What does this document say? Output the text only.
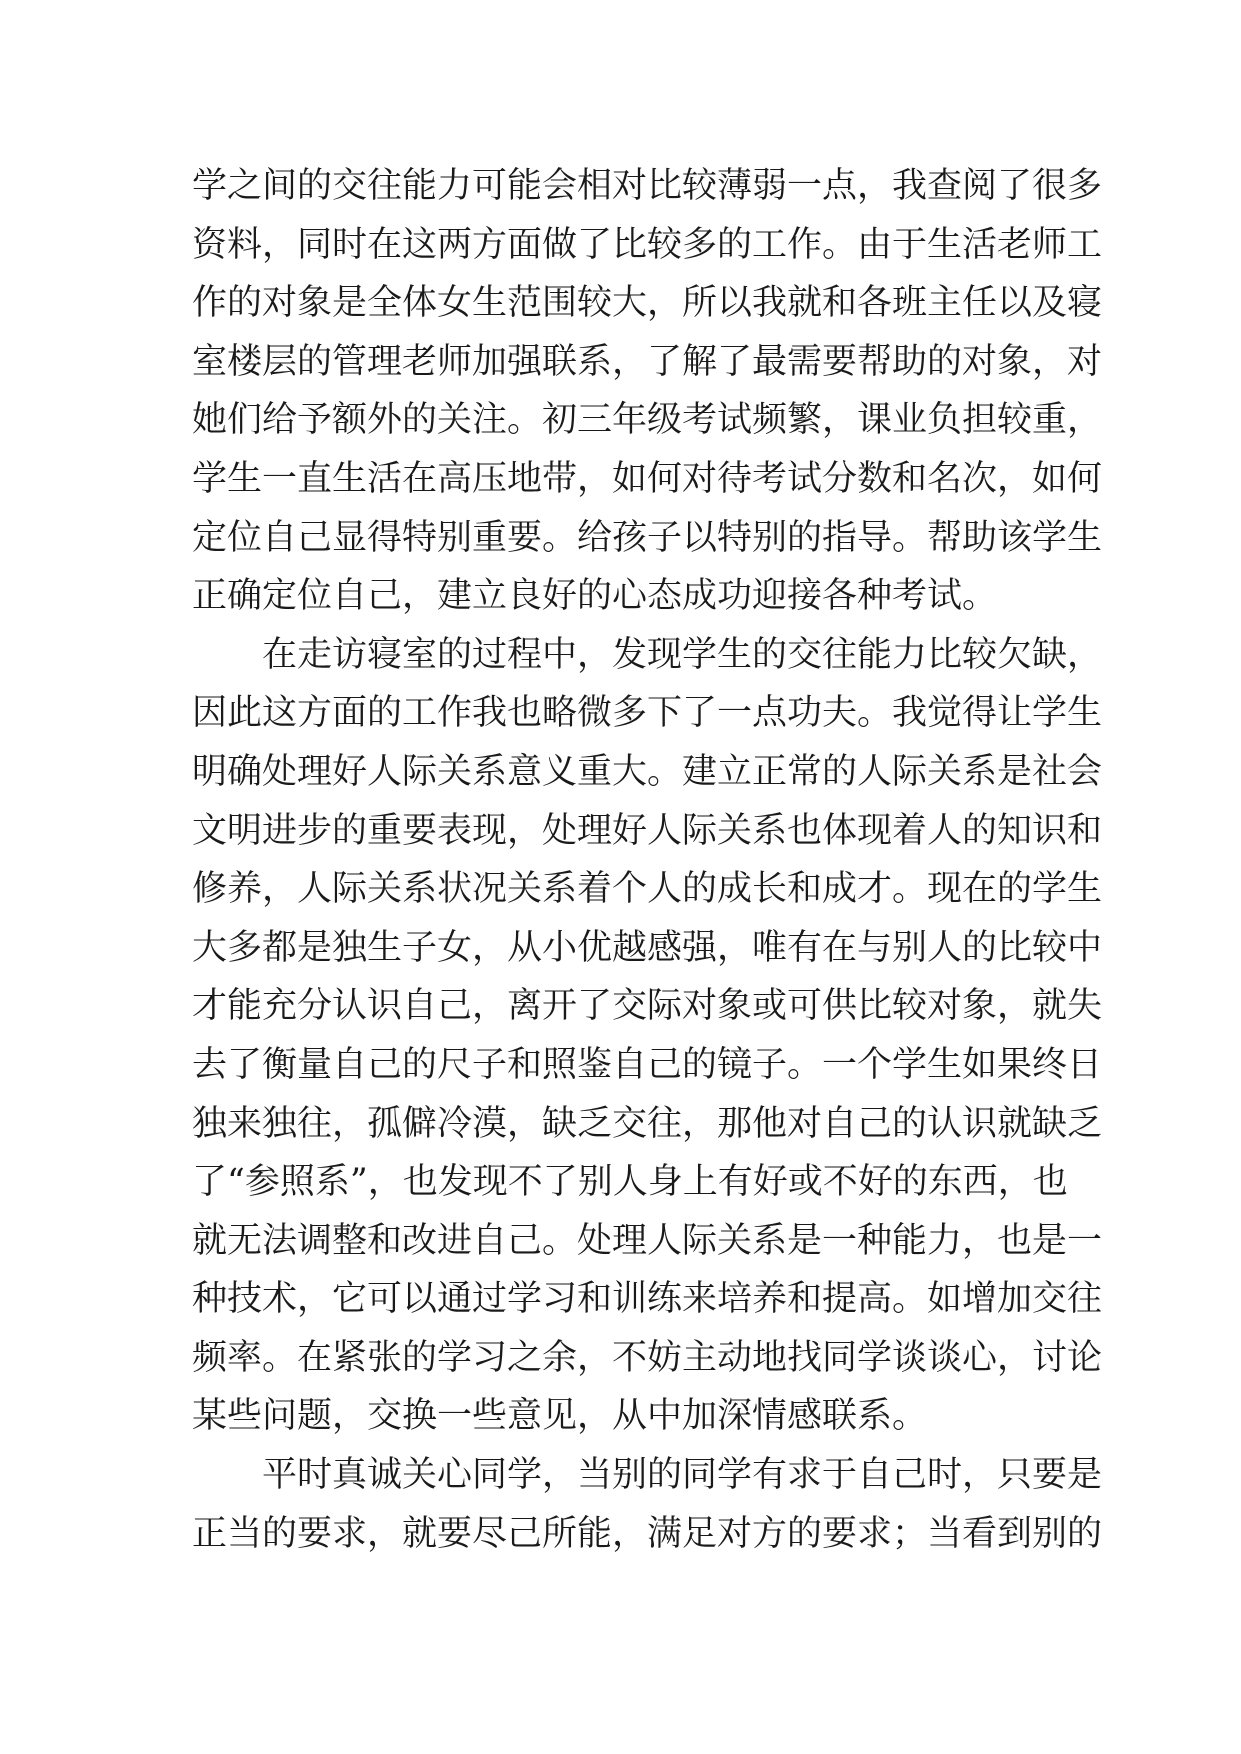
学之间的交往能力可能会相对比较薄弱一点，我查阅了很多
资料，同时在这两方面做了比较多的工作。由于生活老师工
作的对象是全体女生范围较大，所以我就和各班主任以及寝
室楼层的管理老师加强联系，了解了最需要帮助的对象，对
她们给予额外的关注。初三年级考试频繁，课业负担较重，
学生一直生活在高压地带，如何对待考试分数和名次，如何
定位自己显得特别重要。给孩子以特别的指导。帮助该学生
正确定位自己，建立良好的心态成功迎接各种考试。
在走访寝室的过程中，发现学生的交往能力比较欠缺，
因此这方面的工作我也略微多下了一点功夫。我觉得让学生
明确处理好人际关系意义重大。建立正常的人际关系是社会
文明进步的重要表现，处理好人际关系也体现着人的知识和
修养，人际关系状况关系着个人的成长和成才。现在的学生
大多都是独生子女，从小优越感强，唯有在与别人的比较中
才能充分认识自己，离开了交际对象或可供比较对象，就失
去了衡量自己的尺子和照鉴自己的镜子。一个学生如果终日
独来独往，孤僻冷漠，缺乏交往，那他对自己的认识就缺乏
了“参照系”，也发现不了别人身上有好或不好的东西，也
就无法调整和改进自己。处理人际关系是一种能力，也是一
种技术，它可以通过学习和训练来培养和提高。如增加交往
频率。在紧张的学习之余，不妨主动地找同学谈谈心，讨论
某些问题，交换一些意见，从中加深情感联系。
平时真诚关心同学，当别的同学有求于自己时，只要是
正当的要求，就要尽己所能，满足对方的要求；当看到别的
